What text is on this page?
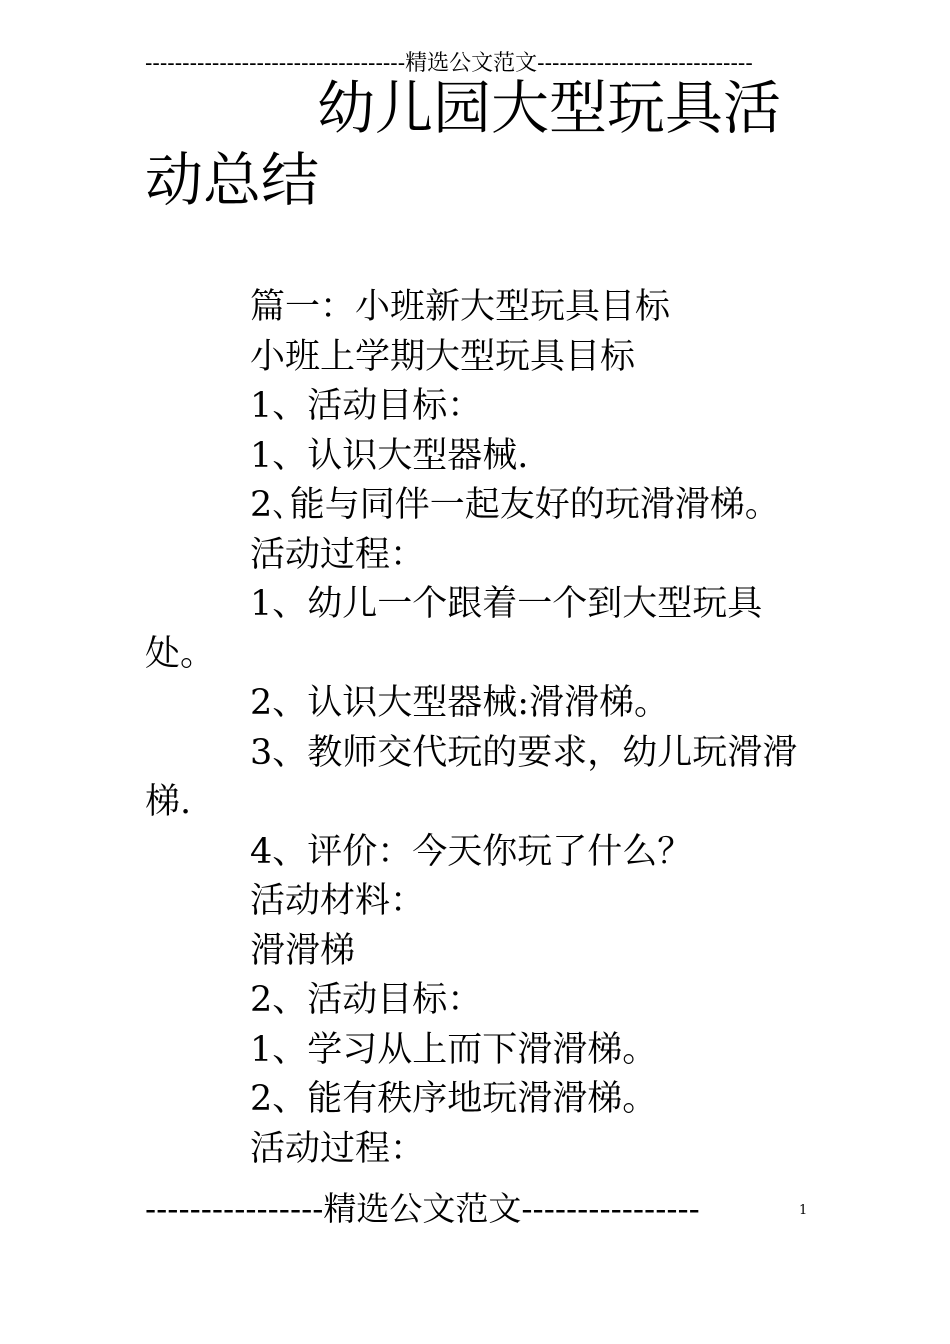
-----------------------------------精选公文范文-----------------------------
幼儿园大型玩具活
动总结

篇一：小班新大型玩具目标

小班上学期大型玩具目标

1、活动目标：

1、认识大型器械.

2､能与同伴一起友好的玩滑滑梯。

活动过程：

1、幼儿一个跟着一个到大型玩具处。

2、认识大型器械:滑滑梯。

3、教师交代玩的要求，幼儿玩滑滑梯.

4、评价：今天你玩了什么？

活动材料：

滑滑梯

2、活动目标：

1、学习从上而下滑滑梯。

2、能有秩序地玩滑滑梯。

活动过程：

----------------精选公文范文----------------	1
